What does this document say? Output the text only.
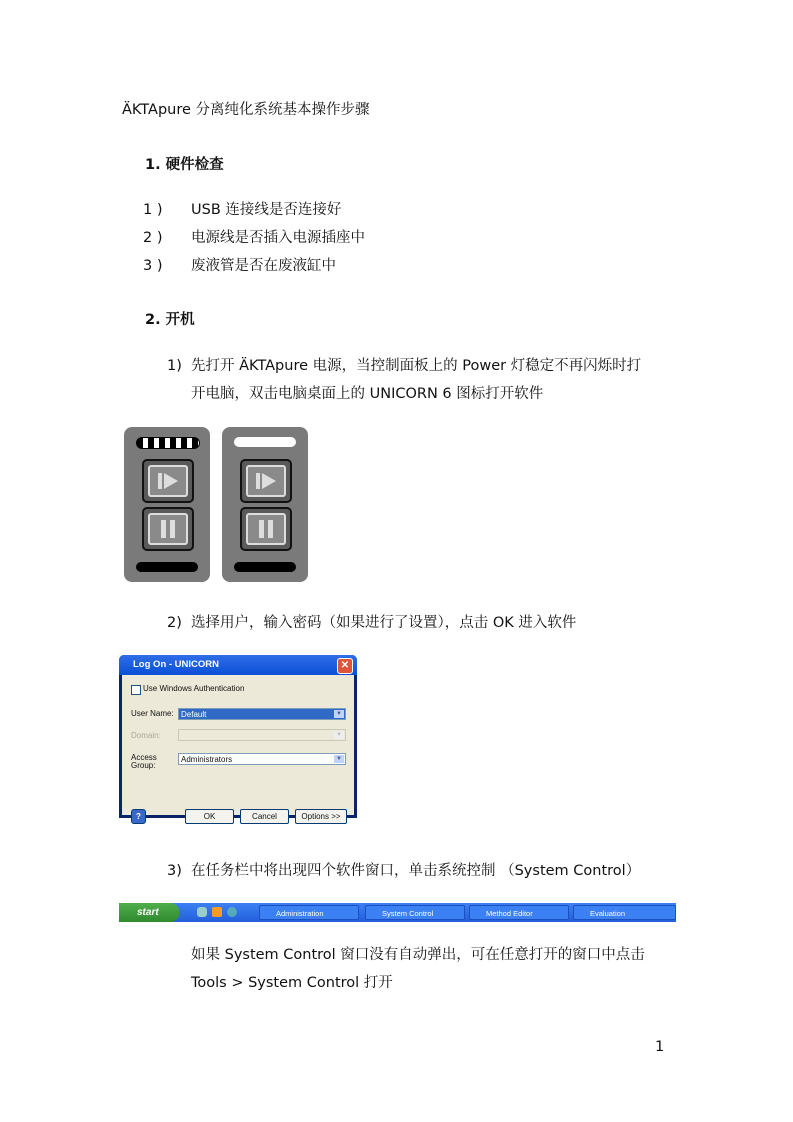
ÄKTApure 分离纯化系统基本操作步骤
1. 硬件检查
1 ) USB 连接线是否连接好
2 ) 电源线是否插入电源插座中
3 ) 废液管是否在废液缸中
2. 开机
1) 先打开 ÄKTApure 电源，当控制面板上的 Power 灯稳定不再闪烁时打
开电脑，双击电脑桌面上的 UNICORN 6 图标打开软件
2) 选择用户，输入密码（如果进行了设置），点击 OK 进入软件
Log On - UNICORN	✕
Use Windows Authentication
User Name: Default	▼
Domain:	▼
Access Group:
Administrators	▼
?	OK	Cancel	Options >>
3) 在任务栏中将出现四个软件窗口，单击系统控制 （System Control）
start	Administration	System Control	Method Editor	Evaluation
如果 System Control 窗口没有自动弹出，可在任意打开的窗口中点击
Tools > System Control 打开
1
